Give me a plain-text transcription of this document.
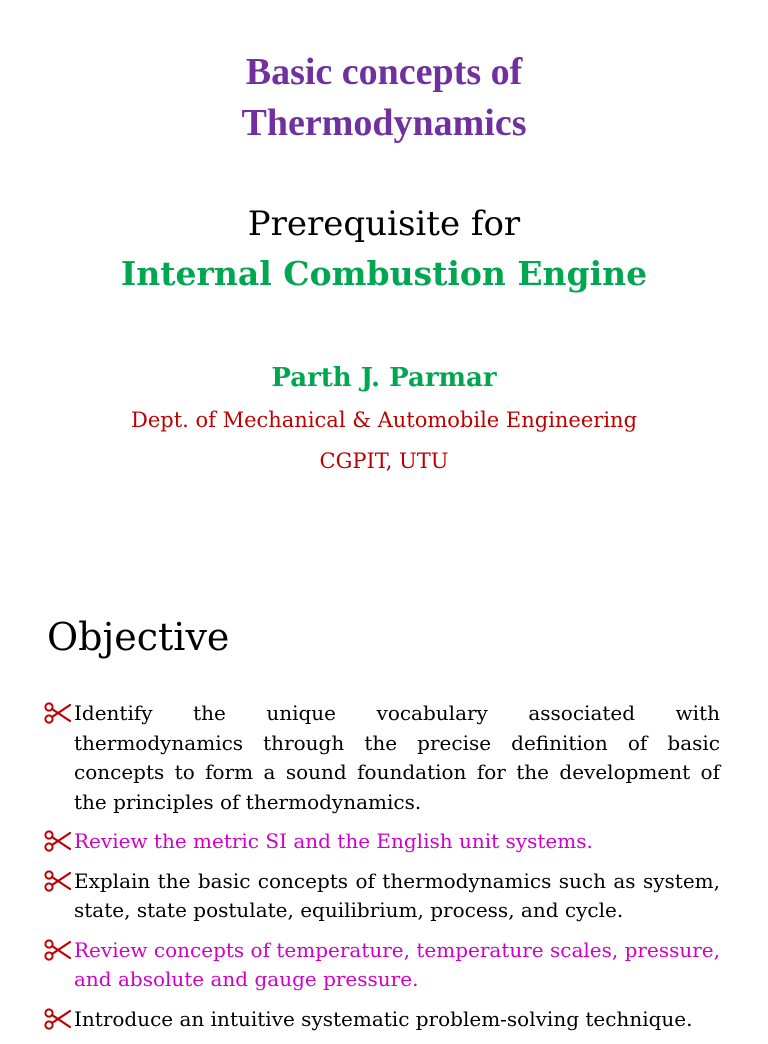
Basic concepts of
Thermodynamics
Prerequisite for
Internal Combustion Engine
Parth J. Parmar
Dept. of Mechanical & Automobile Engineering
CGPIT, UTU
Objective
Identify the unique vocabulary associated with thermodynamics through the precise definition of basic concepts to form a sound foundation for the development of the principles of thermodynamics.
Review the metric SI and the English unit systems.
Explain the basic concepts of thermodynamics such as system, state, state postulate, equilibrium, process, and cycle.
Review concepts of temperature, temperature scales, pressure, and absolute and gauge pressure.
Introduce an intuitive systematic problem-solving technique.
